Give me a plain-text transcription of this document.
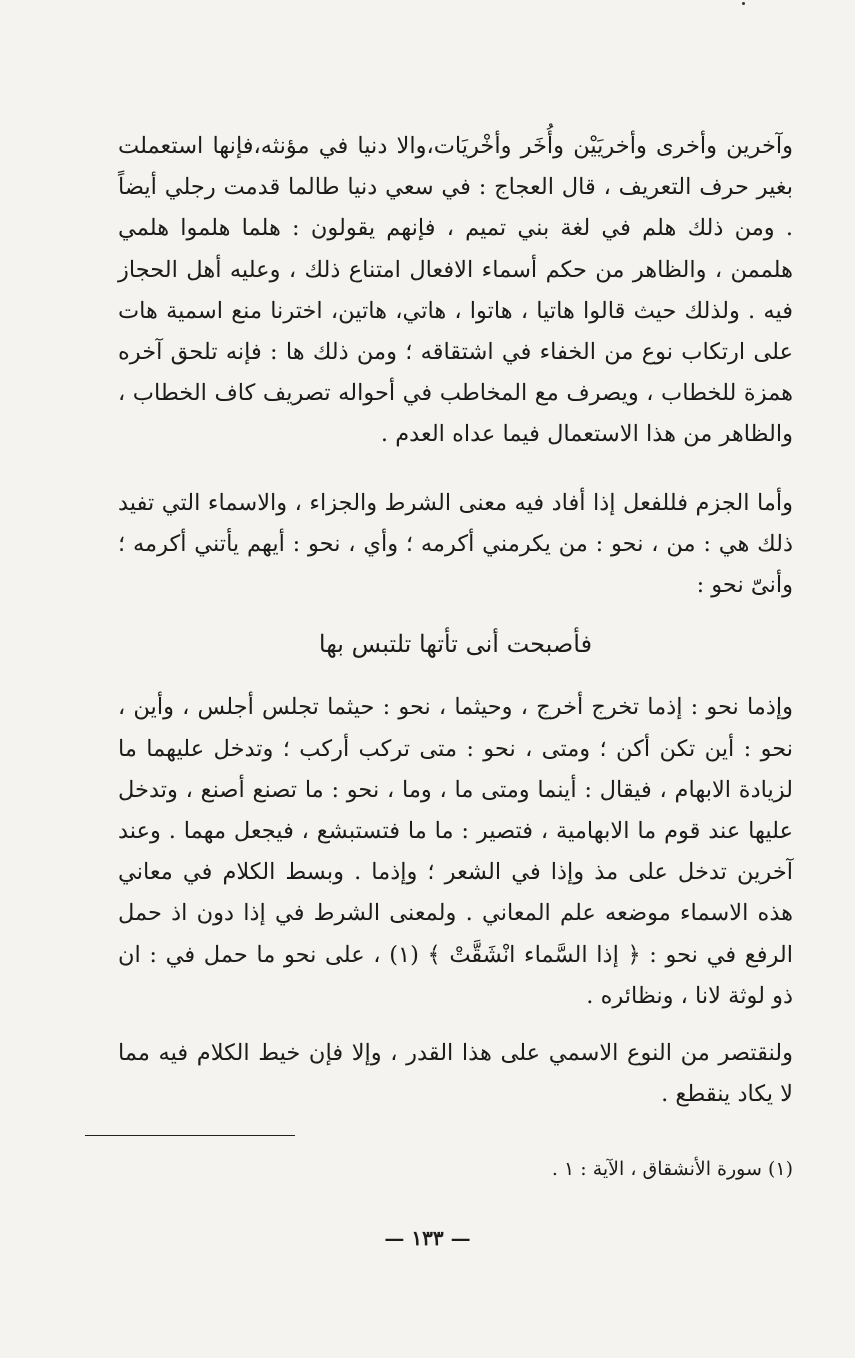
وآخرين وأخرى وأخريَيْن وأُخَر وأخْريَات،والا دنيا في مؤنثه،فإنها استعملت بغير حرف التعريف ، قال العجاج : في سعي دنيا طالما قدمت رجلي أيضاً . ومن ذلك هلم في لغة بني تميم ، فإنهم يقولون : هلما هلموا هلمي هلممن ، والظاهر من حكم أسماء الافعال امتناع ذلك ، وعليه أهل الحجاز فيه . ولذلك حيث قالوا هاتيا ، هاتوا ، هاتي، هاتين، اخترنا منع اسمية هات على ارتكاب نوع من الخفاء في اشتقاقه ؛ ومن ذلك ها : فإنه تلحق آخره همزة للخطاب ، ويصرف مع المخاطب في أحواله تصريف كاف الخطاب ، والظاهر من هذا الاستعمال فيما عداه العدم .

وأما الجزم فللفعل إذا أفاد فيه معنى الشرط والجزاء ، والاسماء التي تفيد ذلك هي : من ، نحو : من يكرمني أكرمه ؛ وأي ، نحو : أيهم يأتني أكرمه ؛ وأنىّ نحو :

فأصبحت أنى تأتها تلتبس بها

وإذما نحو : إذما تخرج أخرج ، وحيثما ، نحو : حيثما تجلس أجلس ، وأين ، نحو : أين تكن أكن ؛ ومتى ، نحو : متى تركب أركب ؛ وتدخل عليهما ما لزيادة الابهام ، فيقال : أينما ومتى ما ، وما ، نحو : ما تصنع أصنع ، وتدخل عليها عند قوم ما الابهامية ، فتصير : ما ما فتستبشع ، فيجعل مهما . وعند آخرين تدخل على مذ وإذا في الشعر ؛ وإذما . وبسط الكلام في معاني هذه الاسماء موضعه علم المعاني . ولمعنى الشرط في إذا دون اذ حمل الرفع في نحو : ﴿ إذا السَّماء انْشَقَّتْ ﴾ (١) ، على نحو ما حمل في : ان ذو لوثة لانا ، ونظائره .

ولنقتصر من النوع الاسمي على هذا القدر ، وإلا فإن خيط الكلام فيه مما لا يكاد ينقطع .

(١) سورة الأنشقاق ، الآية : ١ .
— ١٣٣ —
